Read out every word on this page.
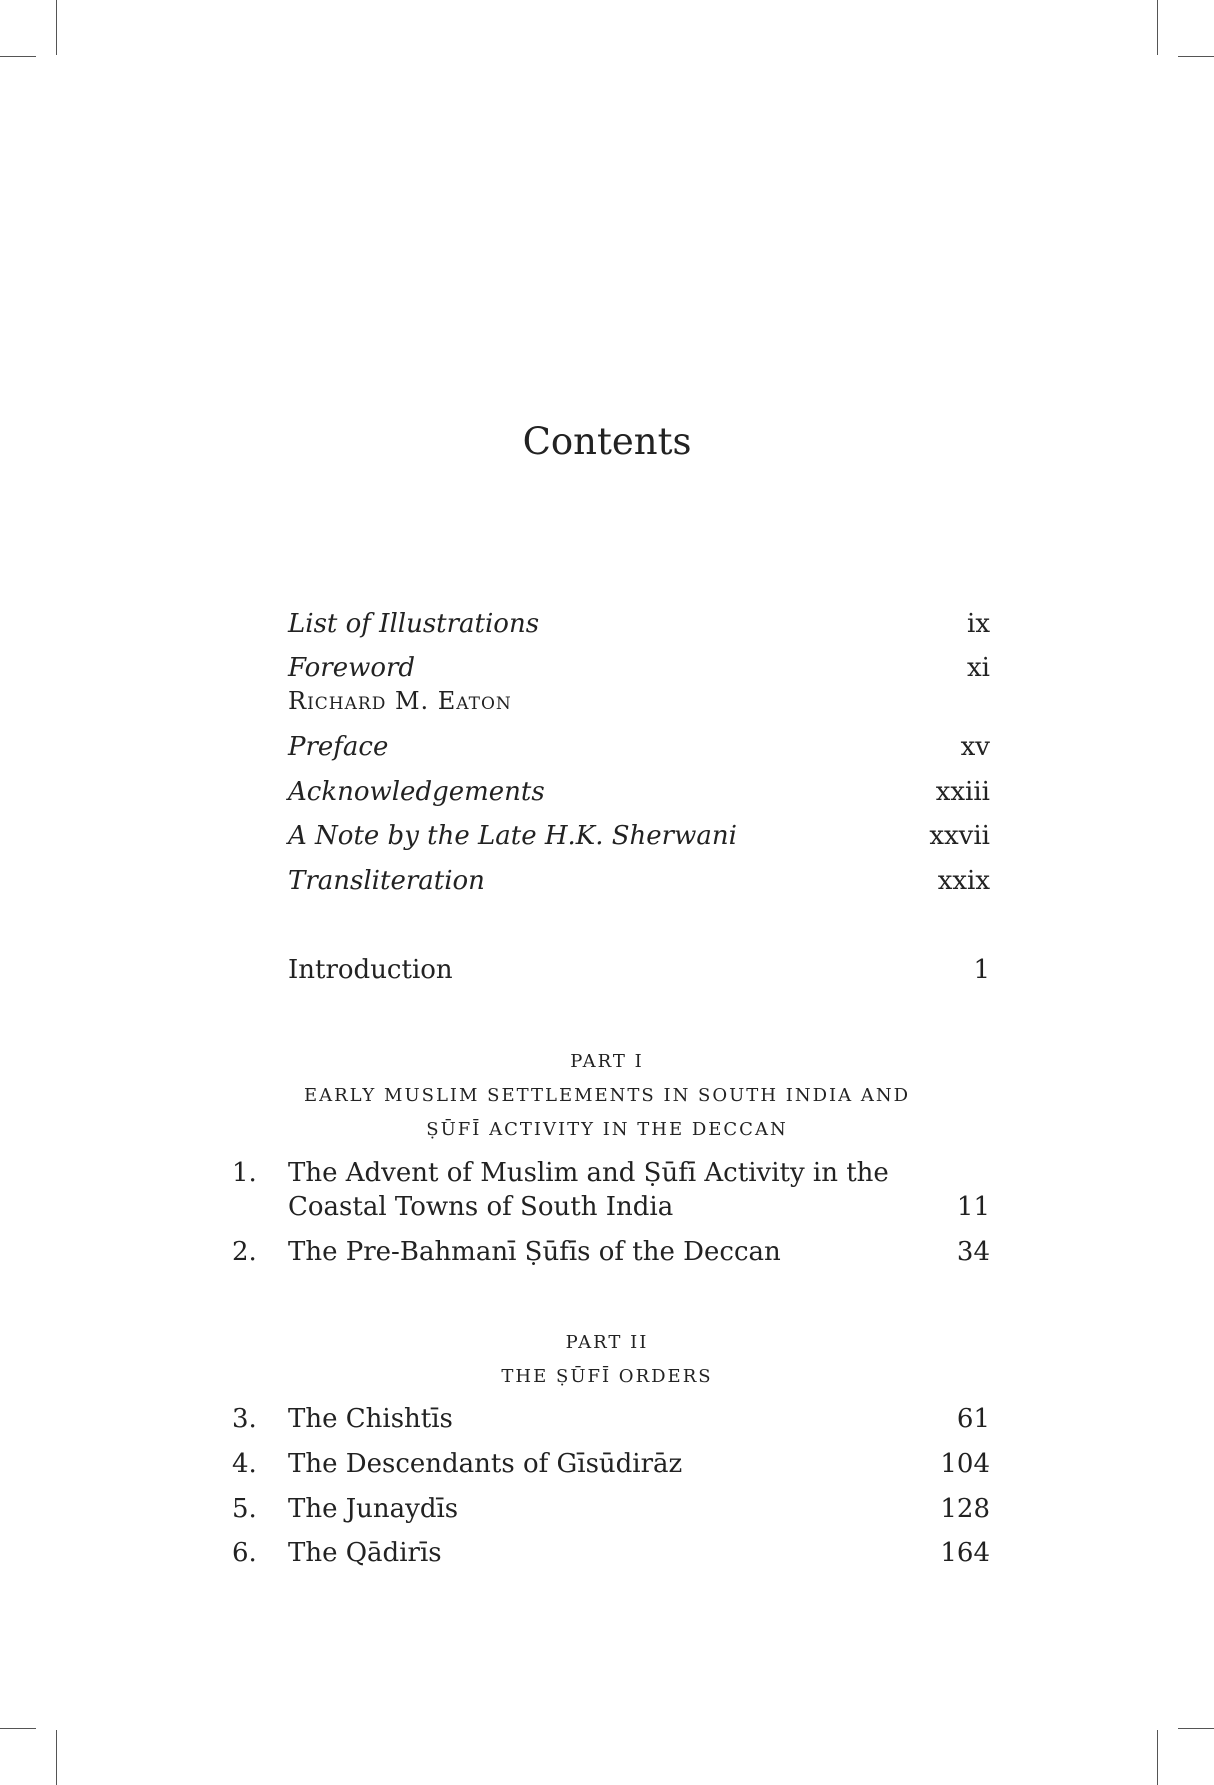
Contents
List of Illustrations	ix
Foreword	xi
Richard M. Eaton
Preface	xv
Acknowledgements	xxiii
A Note by the Late H.K. Sherwani	xxvii
Transliteration	xxix
Introduction	1
PART I
EARLY MUSLIM SETTLEMENTS IN SOUTH INDIA AND
ṢŪFĪ ACTIVITY IN THE DECCAN
1. The Advent of Muslim and Ṣūfī Activity in the
Coastal Towns of South India	11
2. The Pre-Bahmanī Ṣūfīs of the Deccan	34
PART II
THE ṢŪFĪ ORDERS
3. The Chishtīs	61
4. The Descendants of Gīsūdirāz	104
5. The Junaydīs	128
6. The Qādirīs	164
